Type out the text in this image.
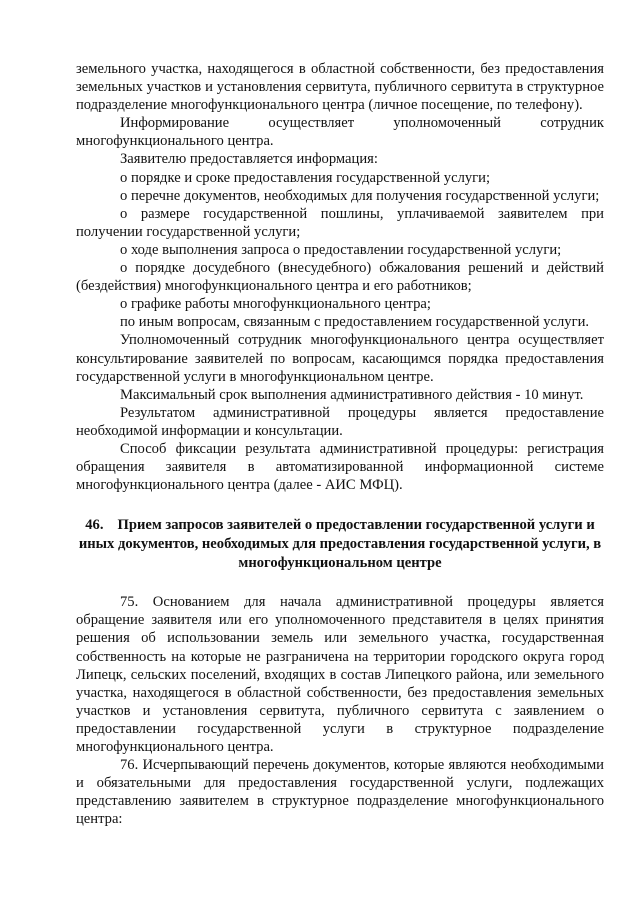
земельного участка, находящегося в областной собственности, без предоставления земельных участков и установления сервитута, публичного сервитута в структурное подразделение многофункционального центра (личное посещение, по телефону).

Информирование осуществляет уполномоченный сотрудник многофункционального центра.

Заявителю предоставляется информация:

о порядке и сроке предоставления государственной услуги;

о перечне документов, необходимых для получения государственной услуги;

о размере государственной пошлины, уплачиваемой заявителем при получении государственной услуги;

о ходе выполнения запроса о предоставлении государственной услуги;

о порядке досудебного (внесудебного) обжалования решений и действий (бездействия) многофункционального центра и его работников;

о графике работы многофункционального центра;

по иным вопросам, связанным с предоставлением государственной услуги.

Уполномоченный сотрудник многофункционального центра осуществляет консультирование заявителей по вопросам, касающимся порядка предоставления государственной услуги в многофункциональном центре.

Максимальный срок выполнения административного действия - 10 минут.

Результатом административной процедуры является предоставление необходимой информации и консультации.

Способ фиксации результата административной процедуры: регистрация обращения заявителя в автоматизированной информационной системе многофункционального центра (далее - АИС МФЦ).

46. Прием запросов заявителей о предоставлении государственной услуги и иных документов, необходимых для предоставления государственной услуги, в многофункциональном центре

75. Основанием для начала административной процедуры является обращение заявителя или его уполномоченного представителя в целях принятия решения об использовании земель или земельного участка, государственная собственность на которые не разграничена на территории городского округа город Липецк, сельских поселений, входящих в состав Липецкого района, или земельного участка, находящегося в областной собственности, без предоставления земельных участков и установления сервитута, публичного сервитута с заявлением о предоставлении государственной услуги в структурное подразделение многофункционального центра.

76. Исчерпывающий перечень документов, которые являются необходимыми и обязательными для предоставления государственной услуги, подлежащих представлению заявителем в структурное подразделение многофункционального центра:
